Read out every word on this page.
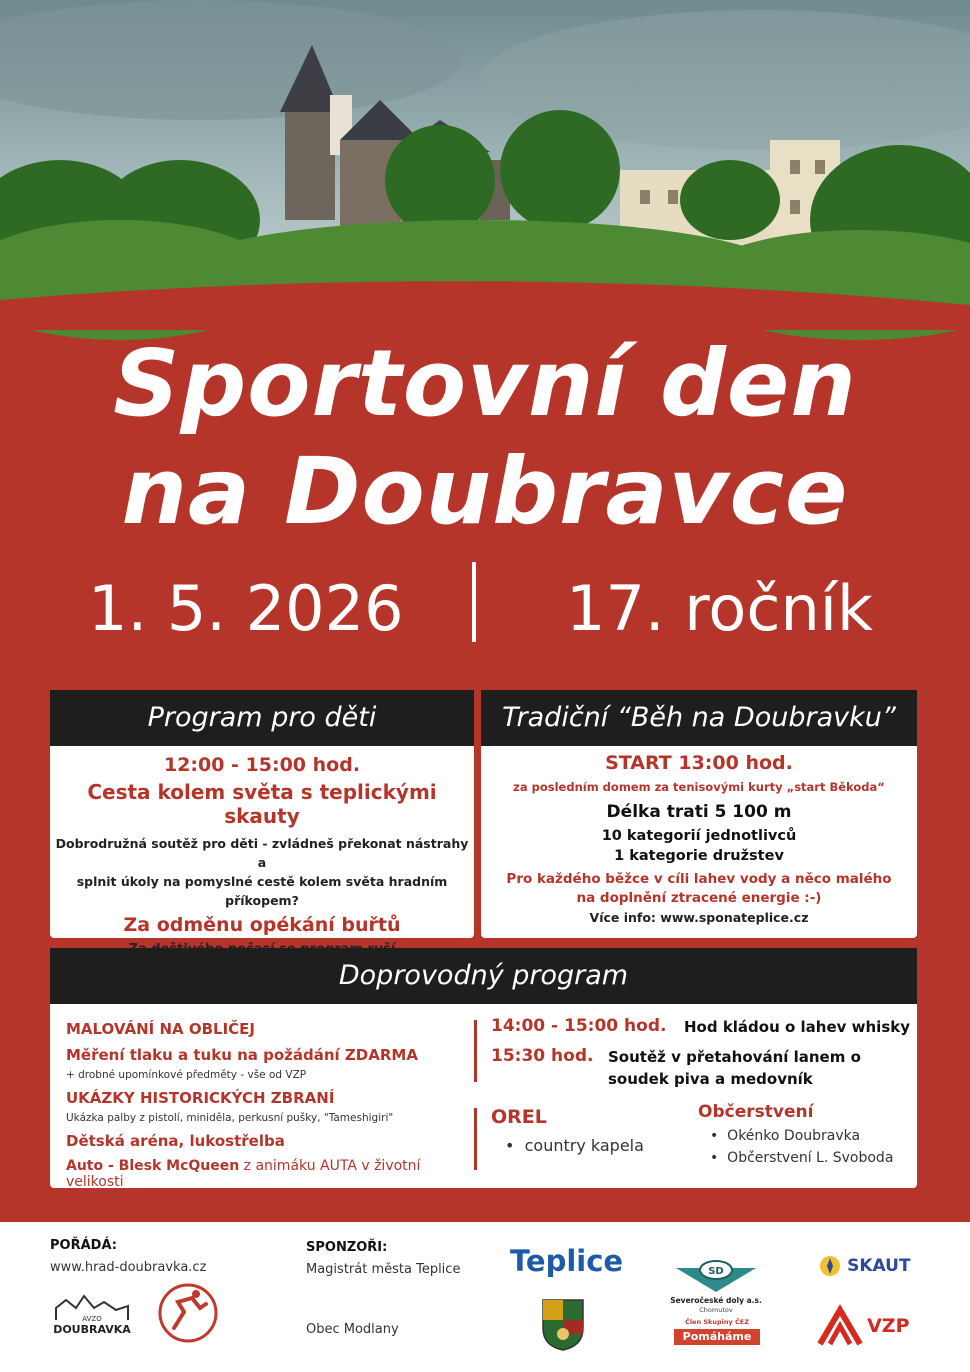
Sportovní den
na Doubravce
1. 5. 2026	17. ročník
Program pro děti
12:00 - 15:00 hod.
Cesta kolem světa s teplickými skauty
Dobrodružná soutěž pro děti - zvládneš překonat nástrahy a
splnit úkoly na pomyslné cestě kolem světa hradním příkopem?
Za odměnu opékání buřtů
Tradiční “Běh na Doubravku”
START 13:00 hod.
za posledním domem za tenisovými kurty „start Běkoda“
Délka trati 5 100 m
10 kategorií jednotlivců
1 kategorie družstev
Pro každého běžce v cíli lahev vody a něco malého
na doplnění ztracené energie :-)
Více info: www.sponateplice.cz
Doprovodný program
MALOVÁNÍ NA OBLIČEJ
Měření tlaku a tuku na požádání ZDARMA
+ drobné upomínkové předměty - vše od VZP
UKÁZKY HISTORICKÝCH ZBRANÍ
Ukázka palby z pistolí, miniděla, perkusní pušky, "Tameshigiri"
Dětská aréna, lukostřelba
Auto - Blesk McQueen z animáku AUTA v životní velikosti
14:00 - 15:00 hod. Hod kládou o lahev whisky
15:30 hod. Soutěž v přetahování lanem o soudek piva a medovník
OREL
•  country kapela
Občerstvení
•  Okénko Doubravka
•  Občerstvení L. Svoboda
POŘÁDÁ:
www.hrad-doubravka.cz
AVZO
DOUBRAVKA
SPONZOŘI:
Magistrát města Teplice
Obec Modlany
Teplice	SD
Severočeské doly a.s.
Chomutov
Člen Skupiny ČEZ
Pomáháme
SKAUT
VZP
